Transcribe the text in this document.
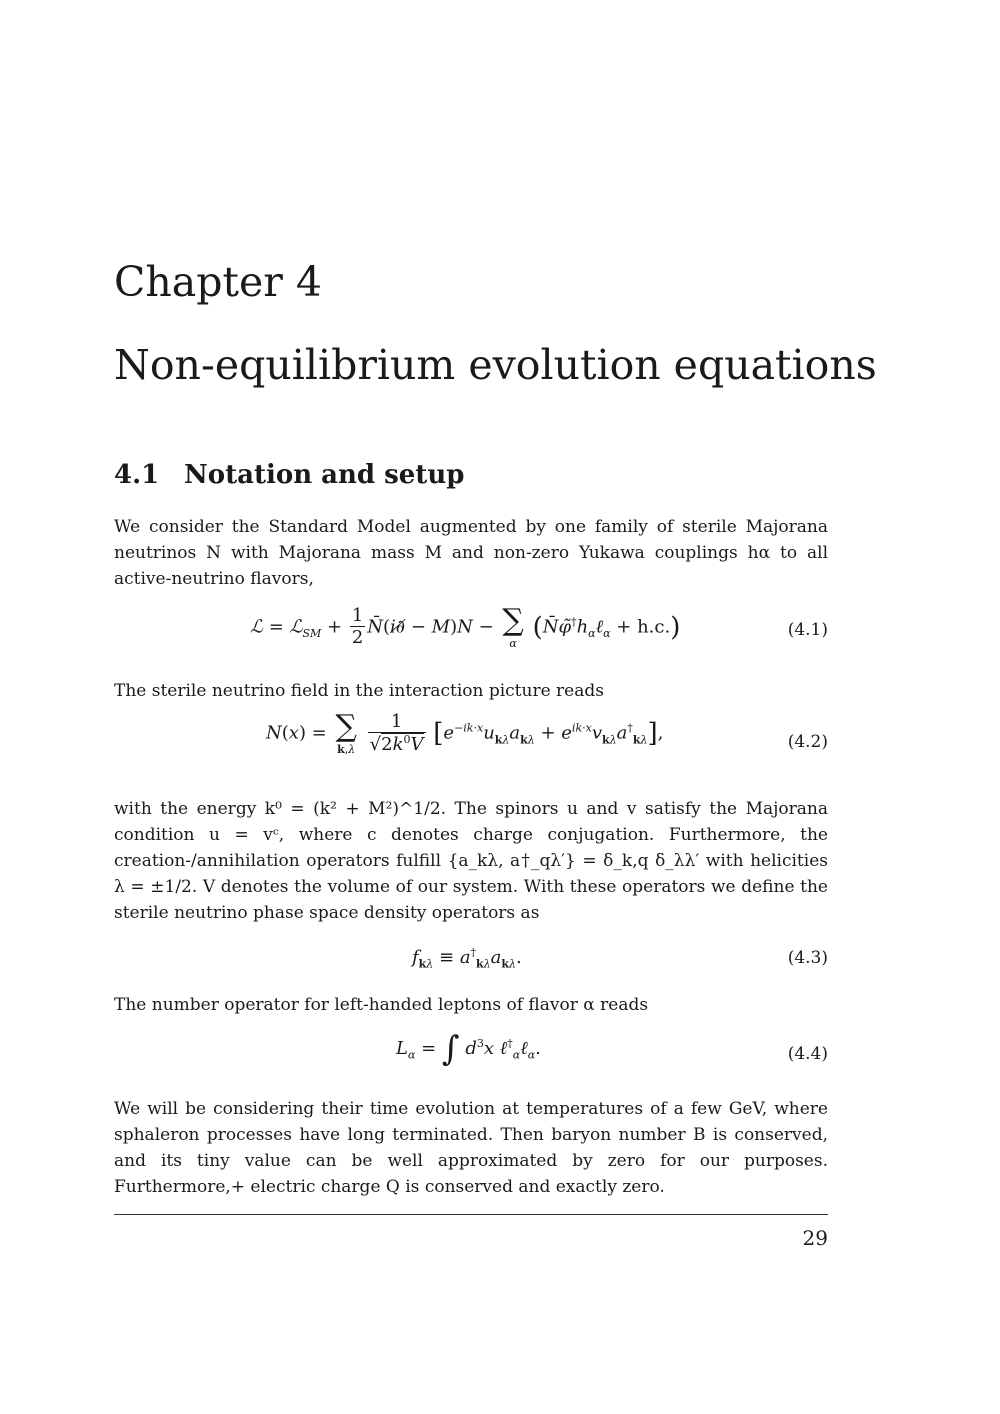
Chapter 4
Non-equilibrium evolution equations
4.1 Notation and setup
We consider the Standard Model augmented by one family of sterile Majorana neutrinos N with Majorana mass M and non-zero Yukawa couplings hα to all active-neutrino flavors,
ℒ = ℒ$_{SM}$ + $\frac{1}{2}$ N̄(i∂̸ − M)N − ∑
α
$(N̄\varphĩ^\dagger h_\alpha\ell_\alpha + h.c.)$	(4.1)
The sterile neutrino field in the interaction picture reads
N(x) = ∑
k,λ
$\frac{1}{√2k^0V} [e^{-ik\cdot x}u_{k\lambda}a_{k\lambda} + e^{ik\cdot x}v_{k\lambda}a^\dagger_{k\lambda}]$,	(4.2)
with the energy k⁰ = (k² + M²)^1/2. The spinors u and v satisfy the Majorana condition u = vᶜ, where c denotes charge conjugation. Furthermore, the creation-/annihilation operators fulfill {a_kλ, a†_qλ′} = δ_k,q δ_λλ′ with helicities λ = ±1/2. V denotes the volume of our system. With these operators we define the sterile neutrino phase space density operators as
$f_{k\lambda} \equiv a^\dagger_{k\lambda}a_{k\lambda}$.	(4.3)
The number operator for left-handed leptons of flavor α reads
$L_\alpha$ = ∫ $d^3x$ ℓ†$_\alpha$ℓ$_\alpha$.	(4.4)
We will be considering their time evolution at temperatures of a few GeV, where sphaleron processes have long terminated. Then baryon number B is conserved, and its tiny value can be well approximated by zero for our purposes. Furthermore,+ electric charge Q is conserved and exactly zero.
29
